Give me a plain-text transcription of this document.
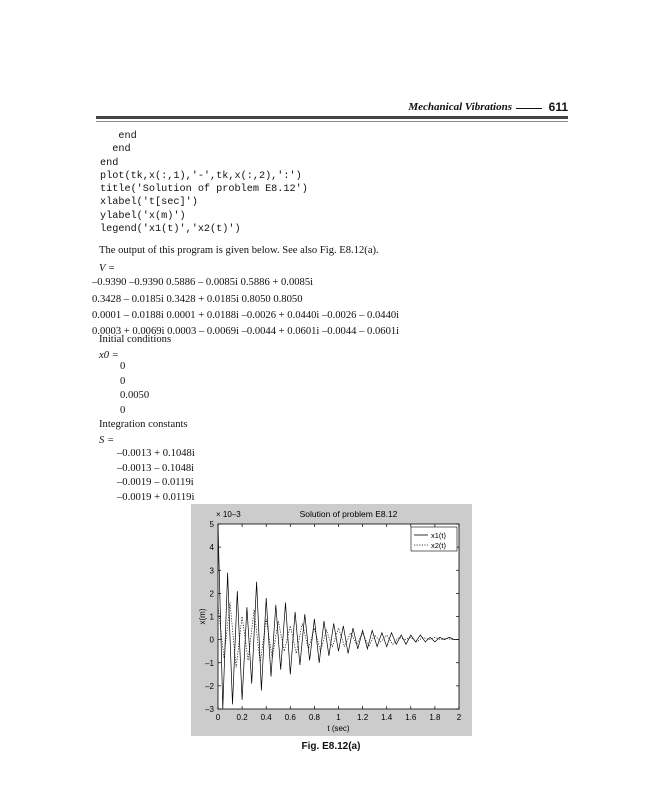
Mechanical Vibrations	611
end
end
end
plot(tk,x(:,1),'-',tk,x(:,2),':')
title('Solution of problem E8.12')
xlabel('t[sec]')
ylabel('x(m)')
legend('x1(t)','x2(t)')
The output of this program is given below. See also Fig. E8.12(a).
V =
–0.9390 –0.9390 0.5886 – 0.0085i 0.5886 + 0.0085i
0.3428 – 0.0185i 0.3428 + 0.0185i 0.8050 0.8050
0.0001 – 0.0188i 0.0001 + 0.0188i –0.0026 + 0.0440i –0.0026 – 0.0440i
0.0003 + 0.0069i 0.0003 – 0.0069i –0.0044 + 0.0601i –0.0044 – 0.0601i
Initial conditions
x0 =
0
0
0.0050
0
Integration constants
S =
–0.0013 + 0.1048i
–0.0013 – 0.1048i
–0.0019 – 0.0119i
–0.0019 + 0.0119i
0 0.2 0.4 0.6 0.8 1 1.2 1.4 1.6 1.8 2
–3
–2
–1
0
1
2
3
4
5
× 10–3	Solution of problem E8.12
t (sec)
x(m)
x1(t)
x2(t)
Fig. E8.12(a)
